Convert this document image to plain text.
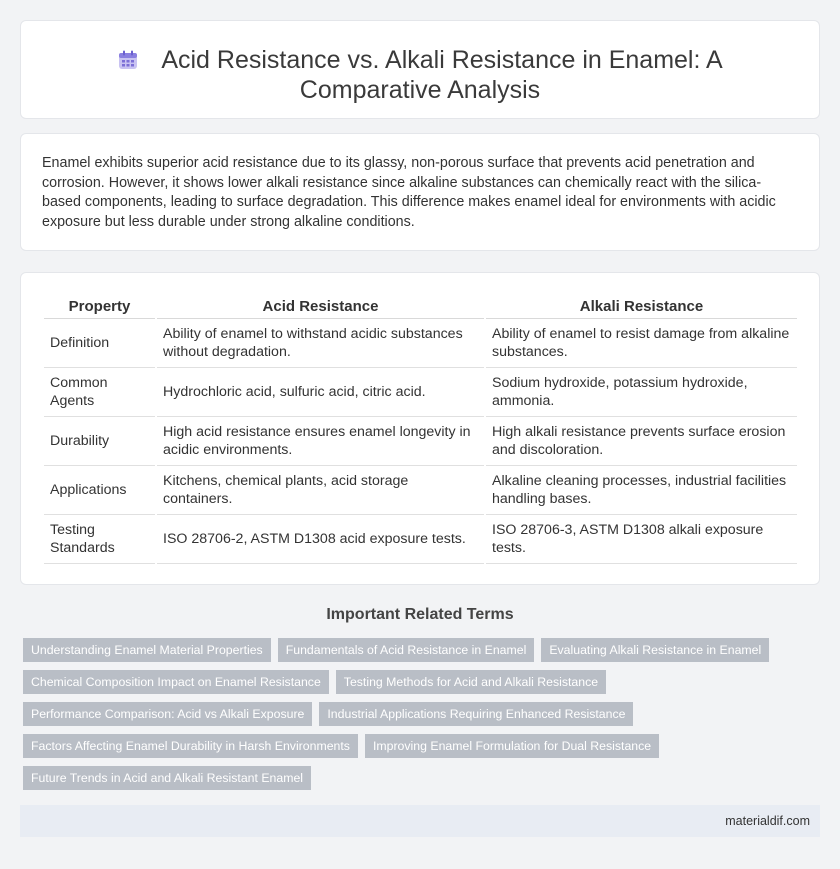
Acid Resistance vs. Alkali Resistance in Enamel: A Comparative Analysis

Enamel exhibits superior acid resistance due to its glassy, non-porous surface that prevents acid penetration and corrosion. However, it shows lower alkali resistance since alkaline substances can chemically react with the silica-based components, leading to surface degradation. This difference makes enamel ideal for environments with acidic exposure but less durable under strong alkaline conditions.

Property	Acid Resistance	Alkali Resistance
Definition	Ability of enamel to withstand acidic substances without degradation.	Ability of enamel to resist damage from alkaline substances.
Common Agents	Hydrochloric acid, sulfuric acid, citric acid.	Sodium hydroxide, potassium hydroxide, ammonia.
Durability	High acid resistance ensures enamel longevity in acidic environments.	High alkali resistance prevents surface erosion and discoloration.
Applications	Kitchens, chemical plants, acid storage containers.	Alkaline cleaning processes, industrial facilities handling bases.
Testing Standards	ISO 28706-2, ASTM D1308 acid exposure tests.	ISO 28706-3, ASTM D1308 alkali exposure tests.
Important Related Terms
Understanding Enamel Material Properties	Fundamentals of Acid Resistance in Enamel	Evaluating Alkali Resistance in Enamel
Chemical Composition Impact on Enamel Resistance	Testing Methods for Acid and Alkali Resistance
Performance Comparison: Acid vs Alkali Exposure	Industrial Applications Requiring Enhanced Resistance
Factors Affecting Enamel Durability in Harsh Environments	Improving Enamel Formulation for Dual Resistance
Future Trends in Acid and Alkali Resistant Enamel
materialdif.com
